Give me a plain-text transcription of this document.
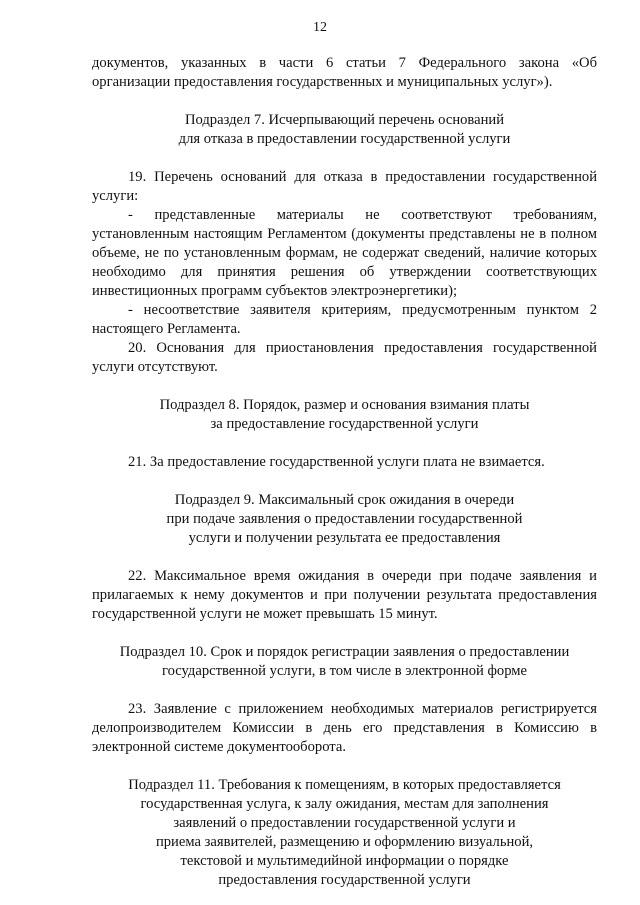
12

документов, указанных в части 6 статьи 7 Федерального закона «Об организации предоставления государственных и муниципальных услуг»).

Подраздел 7. Исчерпывающий перечень оснований

для отказа в предоставлении государственной услуги

19. Перечень оснований для отказа в предоставлении государственной услуги:

- представленные материалы не соответствуют требованиям, установленным настоящим Регламентом (документы представлены не в полном объеме, не по установленным формам, не содержат сведений, наличие которых необходимо для принятия решения об утверждении соответствующих инвестиционных программ субъектов электроэнергетики);

- несоответствие заявителя критериям, предусмотренным пунктом 2 настоящего Регламента.

20. Основания для приостановления предоставления государственной услуги отсутствуют.

Подраздел 8. Порядок, размер и основания взимания платы

за предоставление государственной услуги

21. За предоставление государственной услуги плата не взимается.

Подраздел 9. Максимальный срок ожидания в очереди

при подаче заявления о предоставлении государственной

услуги и получении результата ее предоставления

22. Максимальное время ожидания в очереди при подаче заявления и прилагаемых к нему документов и при получении результата предоставления государственной услуги не может превышать 15 минут.

Подраздел 10. Срок и порядок регистрации заявления о предоставлении

государственной услуги, в том числе в электронной форме

23. Заявление с приложением необходимых материалов регистрируется делопроизводителем Комиссии в день его представления в Комиссию в электронной системе документооборота.

Подраздел 11. Требования к помещениям, в которых предоставляется

государственная услуга, к залу ожидания, местам для заполнения

заявлений о предоставлении государственной услуги и

приема заявителей, размещению и оформлению визуальной,

текстовой и мультимедийной информации о порядке

предоставления государственной услуги
